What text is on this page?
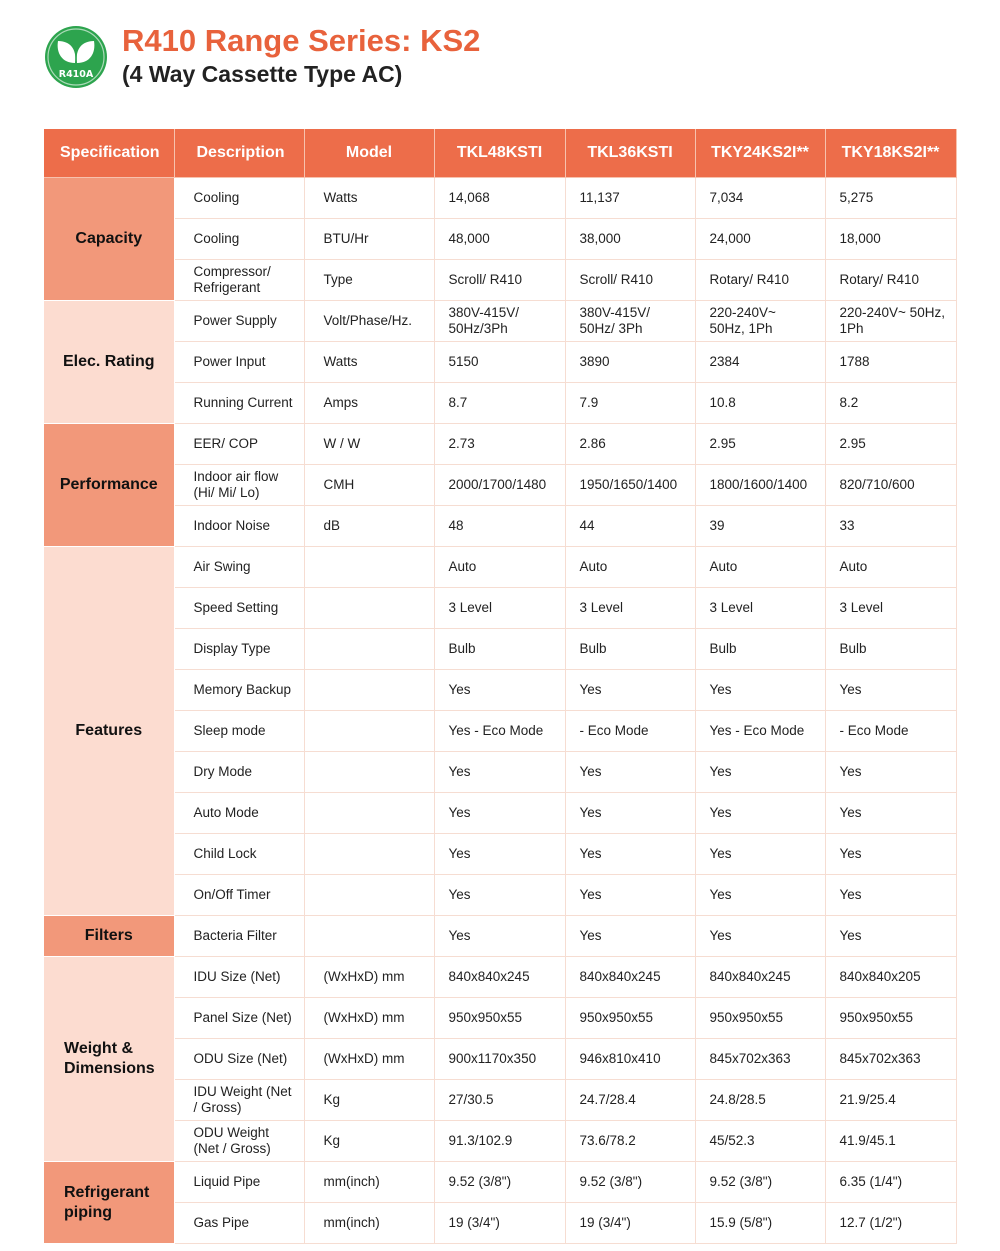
R410A
R410 Range Series: KS2
(4 Way Cassette Type AC)
Specification	Description	Model	TKL48KSTI	TKL36KSTI	TKY24KS2I**	TKY18KS2I**
Capacity	Cooling	Watts	14,068	11,137	7,034	5,275
	Cooling	BTU/Hr	48,000	38,000	24,000	18,000
	Compressor/ Refrigerant	Type	Scroll/ R410	Scroll/ R410	Rotary/ R410	Rotary/ R410
Elec. Rating	Power Supply	Volt/Phase/Hz.	380V-415V/ 50Hz/3Ph	380V-415V/ 50Hz/ 3Ph	220-240V~ 50Hz, 1Ph	220-240V~ 50Hz, 1Ph
	Power Input	Watts	5150	3890	2384	1788
	Running Current	Amps	8.7	7.9	10.8	8.2
Performance	EER/ COP	W / W	2.73	2.86	2.95	2.95
	Indoor air flow (Hi/ Mi/ Lo)	CMH	2000/1700/1480	1950/1650/1400	1800/1600/1400	820/710/600
	Indoor Noise	dB	48	44	39	33
Features	Air Swing		Auto	Auto	Auto	Auto
	Speed Setting		3 Level	3 Level	3 Level	3 Level
	Display Type		Bulb	Bulb	Bulb	Bulb
	Memory Backup		Yes	Yes	Yes	Yes
	Sleep mode		Yes - Eco Mode	- Eco Mode	Yes - Eco Mode	- Eco Mode
	Dry Mode		Yes	Yes	Yes	Yes
	Auto Mode		Yes	Yes	Yes	Yes
	Child Lock		Yes	Yes	Yes	Yes
	On/Off Timer		Yes	Yes	Yes	Yes
Filters	Bacteria Filter		Yes	Yes	Yes	Yes
Weight & Dimensions	IDU Size (Net)	(WxHxD) mm	840x840x245	840x840x245	840x840x245	840x840x205
	Panel Size (Net)	(WxHxD) mm	950x950x55	950x950x55	950x950x55	950x950x55
	ODU Size (Net)	(WxHxD) mm	900x1170x350	946x810x410	845x702x363	845x702x363
	IDU Weight (Net / Gross)	Kg	27/30.5	24.7/28.4	24.8/28.5	21.9/25.4
	ODU Weight (Net / Gross)	Kg	91.3/102.9	73.6/78.2	45/52.3	41.9/45.1
Refrigerant piping	Liquid Pipe	mm(inch)	9.52 (3/8")	9.52 (3/8")	9.52 (3/8")	6.35 (1/4")
	Gas Pipe	mm(inch)	19 (3/4")	19 (3/4")	15.9 (5/8")	12.7 (1/2")
